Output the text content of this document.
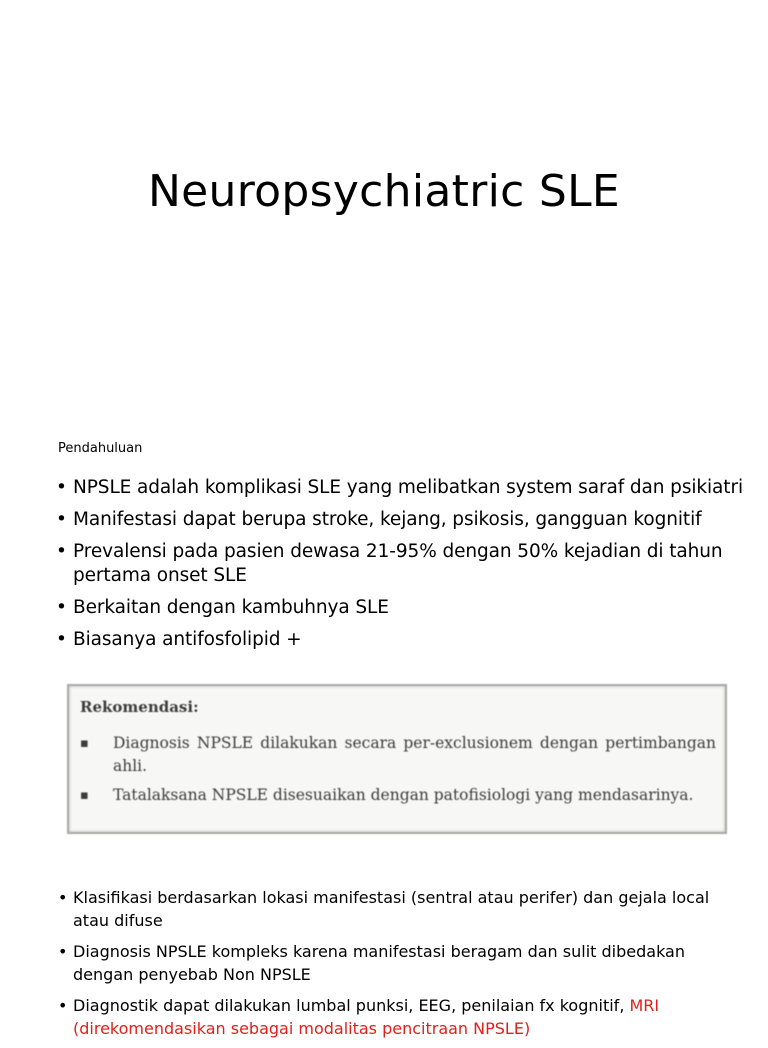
Neuropsychiatric SLE
Pendahuluan
• NPSLE adalah komplikasi SLE yang melibatkan system saraf dan psikiatri
• Manifestasi dapat berupa stroke, kejang, psikosis, gangguan kognitif
• Prevalensi pada pasien dewasa 21-95% dengan 50% kejadian di tahun pertama onset SLE
• Berkaitan dengan kambuhnya SLE
• Biasanya antifosfolipid +
Rekomendasi:
▪ Diagnosis NPSLE dilakukan secara per-exclusionem dengan pertimbangan ahli.
▪ Tatalaksana NPSLE disesuaikan dengan patofisiologi yang mendasarinya.
• Klasifikasi berdasarkan lokasi manifestasi (sentral atau perifer) dan gejala local atau difuse
• Diagnosis NPSLE kompleks karena manifestasi beragam dan sulit dibedakan dengan penyebab Non NPSLE
• Diagnostik dapat dilakukan lumbal punksi, EEG, penilaian fx kognitif, MRI (direkomendasikan sebagai modalitas pencitraan NPSLE)
